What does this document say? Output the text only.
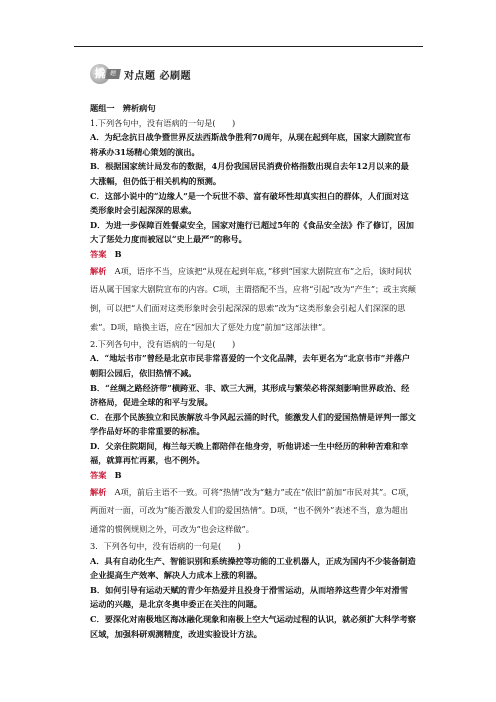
撬 题 对点题 必刷题

题组一　辨析病句

1.下列各句中，没有语病的一句是(　　)

A．为纪念抗日战争暨世界反法西斯战争胜利70周年，从现在起到年底，国家大剧院宣布将承办31场精心策划的演出。

B．根据国家统计局发布的数据，4月份我国居民消费价格指数出现自去年12月以来的最大涨幅，但仍低于相关机构的预测。

C．这部小说中的“边缘人”是一个玩世不恭、富有破坏性却真实担白的群体，人们面对这类形象时会引起深深的思索。

D．为进一步保障百姓餐桌安全，国家对施行已超过5年的《食品安全法》作了修订，因加大了惩处力度而被冠以“史上最严”的称号。

答案　 B

解析　 A项，语序不当，应该把“从现在起到年底，”移到“国家大剧院宣布”之后，该时间状语从属于国家大剧院宣布的内容。C项，主谓搭配不当，应将“引起”改为“产生”；或主宾颠倒，可以把“人们面对这类形象时会引起深深的思索”改为“这类形象会引起人们深深的思索”。D项，暗换主语，应在“因加大了惩处力度”前加“这部法律”。

2.下列各句中，没有语病的一句是(　　)

A．“地坛书市”曾经是北京市民非常喜爱的一个文化品牌，去年更名为“北京书市”并落户朝阳公园后，依旧热情不减。

B．“丝绸之路经济带”横跨亚、非、欧三大洲，其形成与繁荣必将深刻影响世界政治、经济格局，促进全球的和平与发展。

C．在那个民族独立和民族解放斗争风起云涌的时代，能激发人们的爱国热情是评判一部文学作品好坏的非常重要的标准。

D．父亲住院期间，梅兰每天晚上都陪伴在他身旁，听他讲述一生中经历的种种苦难和幸福，就算再忙再累，也不例外。

答案　 B

解析　 A项，前后主语不一致。可将“热情”改为“魅力”或在“依旧”前加“市民对其”。C项，两面对一面，可改为“能否激发人们的爱国热情”。D项，“也不例外”表述不当，意为超出通常的惯例规则之外，可改为“也会这样做”。

3．下列各句中，没有语病的一句是(　　)

A．具有自动化生产、智能识别和系统操控等功能的工业机器人，正成为国内不少装备制造企业提高生产效率、解决人力成本上涨的利器。

B．如何引导有运动天赋的青少年热爱并且投身于滑雪运动，从而培养这些青少年对滑雪运动的兴趣，是北京冬奥申委正在关注的问题。

C．要深化对南极地区海冰融化现象和南极上空大气运动过程的认识，就必须扩大科学考察区域，加强科研观测精度，改进实验设计方法。
